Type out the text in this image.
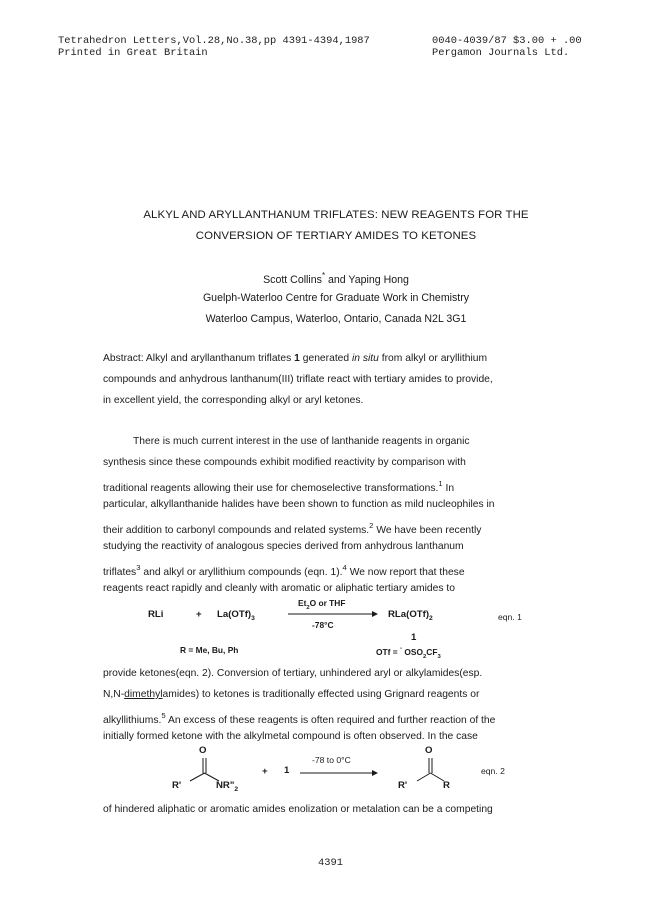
Tetrahedron Letters,Vol.28,No.38,pp 4391-4394,1987
Printed in Great Britain
0040-4039/87 $3.00 + .00
Pergamon Journals Ltd.
ALKYL AND ARYLLANTHANUM TRIFLATES: NEW REAGENTS FOR THE
CONVERSION OF TERTIARY AMIDES TO KETONES
Scott Collins* and Yaping Hong
Guelph-Waterloo Centre for Graduate Work in Chemistry
Waterloo Campus, Waterloo, Ontario, Canada N2L 3G1
Abstract: Alkyl and aryllanthanum triflates 1 generated in situ from alkyl or aryllithium
compounds and anhydrous lanthanum(III) triflate react with tertiary amides to provide,
in excellent yield, the corresponding alkyl or aryl ketones.
There is much current interest in the use of lanthanide reagents in organic
synthesis since these compounds exhibit modified reactivity by comparison with
traditional reagents allowing their use for chemoselective transformations.$^1$ In
particular, alkyllanthanide halides have been shown to function as mild nucleophiles in
their addition to carbonyl compounds and related systems.$^2$ We have been recently
studying the reactivity of analogous species derived from anhydrous lanthanum
triflates$^3$ and alkyl or aryllithium compounds (eqn. 1).$^4$ We now report that these
reagents react rapidly and cleanly with aromatic or aliphatic tertiary amides to
RLi	+ $La(OTf)_3$
$Et_2O$ or THF
-78°C
$RLa(OTf)_2$	eqn. 1
1
R = Me, Bu, Ph	OTf = - $OSO_2CF_3$
provide ketones(eqn. 2). Conversion of tertiary, unhindered aryl or alkylamides(esp.
N,N-dimethylamides) to ketones is traditionally effected using Grignard reagents or
alkyllithiums.$^5$ An excess of these reagents is often required and further reaction of the
initially formed ketone with the alkylmetal compound is often observed. In the case
O
R'	$NR"_2$
+ 1
-78 to 0°C
O
R'	R
eqn. 2
of hindered aliphatic or aromatic amides enolization or metalation can be a competing
4391
